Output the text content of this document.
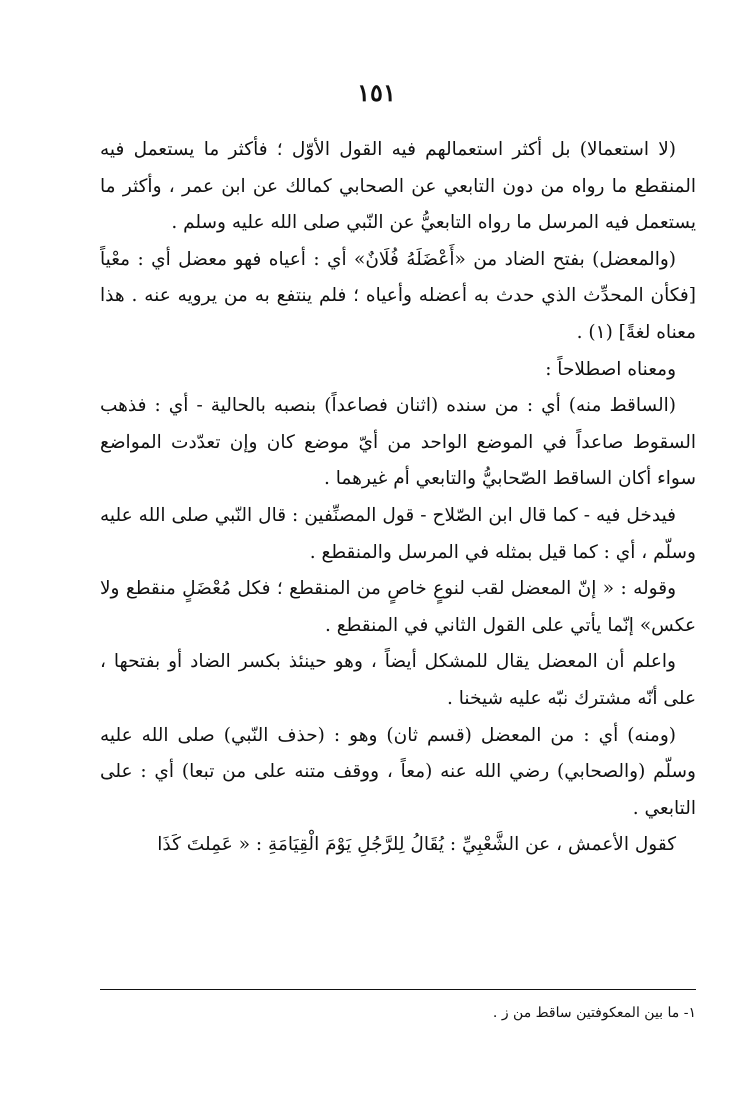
١٥١

(لا استعمالا) بل أكثر استعمالهم فيه القول الأوّل ؛ فأكثر ما يستعمل فيه المنقطع ما رواه من دون التابعي عن الصحابي كمالك عن ابن عمر ، وأكثر ما يستعمل فيه المرسل ما رواه التابعيُّ عن النّبي صلى الله عليه وسلم .

(والمعضل) بفتح الضاد من «أَعْضَلَهُ فُلَانٌ» أي : أعياه فهو معضل أي : معْياً [فكأن المحدِّث الذي حدث به أعضله وأعياه ؛ فلم ينتفع به من يرويه عنه . هذا معناه لغةً] (١) .

ومعناه اصطلاحاً :

(الساقط منه) أي : من سنده (اثنان فصاعداً) بنصبه بالحالية - أي : فذهب السقوط صاعداً في الموضع الواحد من أيّ موضع كان وإن تعدّدت المواضع سواء أكان الساقط الصّحابيُّ والتابعي أم غيرهما .

فيدخل فيه - كما قال ابن الصّلاح - قول المصنِّفين : قال النّبي صلى الله عليه وسلّم ، أي : كما قيل بمثله في المرسل والمنقطع .

وقوله : « إنّ المعضل لقب لنوعٍ خاصٍ من المنقطع ؛ فكل مُعْضَلٍ منقطع ولا عكس» إنّما يأتي على القول الثاني في المنقطع .

واعلم أن المعضل يقال للمشكل أيضاً ، وهو حينئذ بكسر الضاد أو بفتحها ، على أنّه مشترك نبّه عليه شيخنا .

(ومنه) أي : من المعضل (قسم ثان) وهو : (حذف النّبي) صلى الله عليه وسلّم (والصحابي) رضي الله عنه (معاً ، ووقف متنه على من تبعا) أي : على التابعي .

كقول الأعمش ، عن الشَّعْبِيِّ : يُقَالُ لِلرَّجُلِ يَوْمَ الْقِيَامَةِ : « عَمِلتَ كَذَا

١- ما بين المعكوفتين ساقط من ز .
